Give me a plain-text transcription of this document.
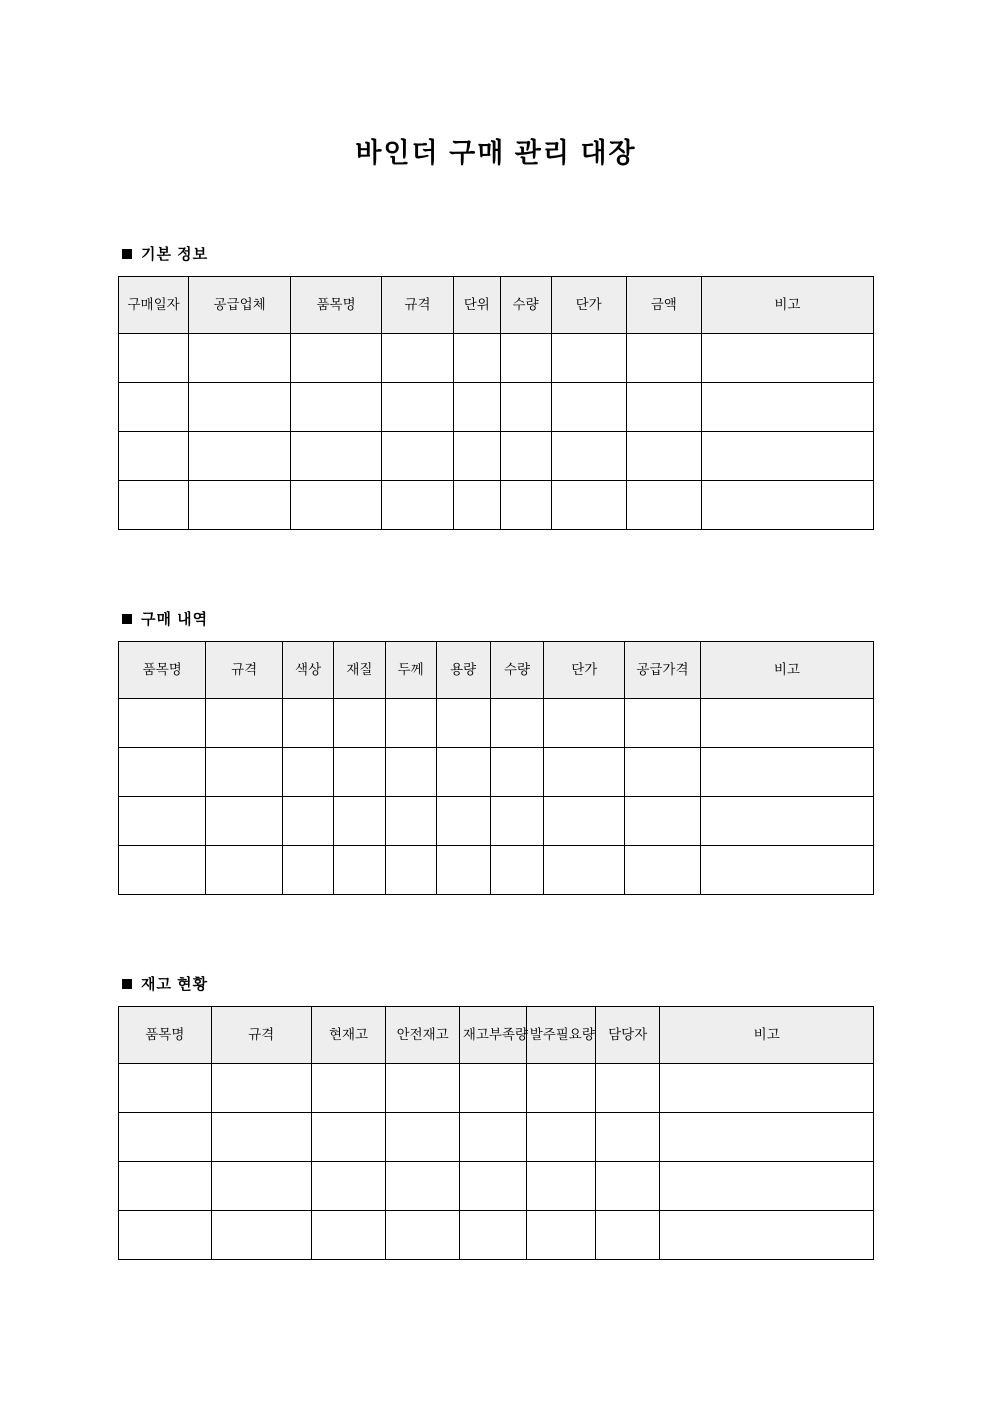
바인더 구매 관리 대장
기본 정보
구매일자	공급업체	품목명	규격	단위	수량	단가	금액	비고

구매 내역
품목명	규격	색상	재질	두께	용량	수량	단가	공급가격	비고

재고 현황
품목명	규격	현재고	안전재고	재고부족량	발주필요량	담당자	비고
